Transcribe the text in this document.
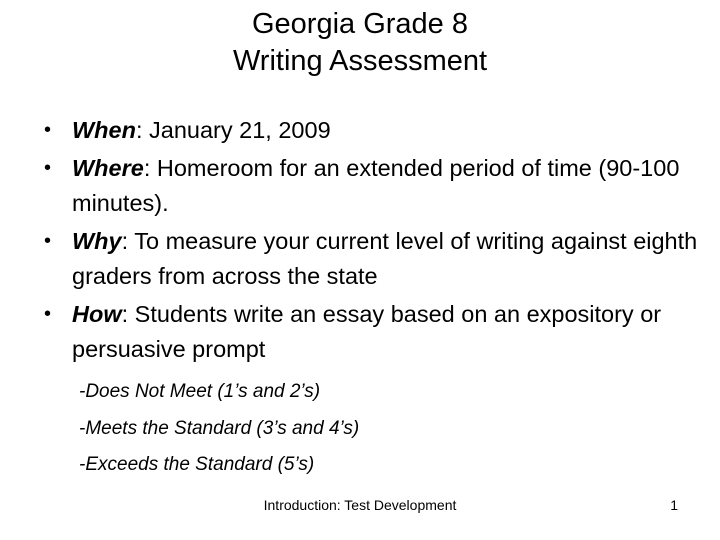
Georgia Grade 8
Writing Assessment
• When: January 21, 2009
• Where: Homeroom for an extended period of time (90-100 minutes).
• Why: To measure your current level of writing against eighth graders from across the state
• How: Students write an essay based on an expository or persuasive prompt
-Does Not Meet (1’s and 2’s)
-Meets the Standard (3’s and 4’s)
-Exceeds the Standard (5’s)
Introduction: Test Development	1
